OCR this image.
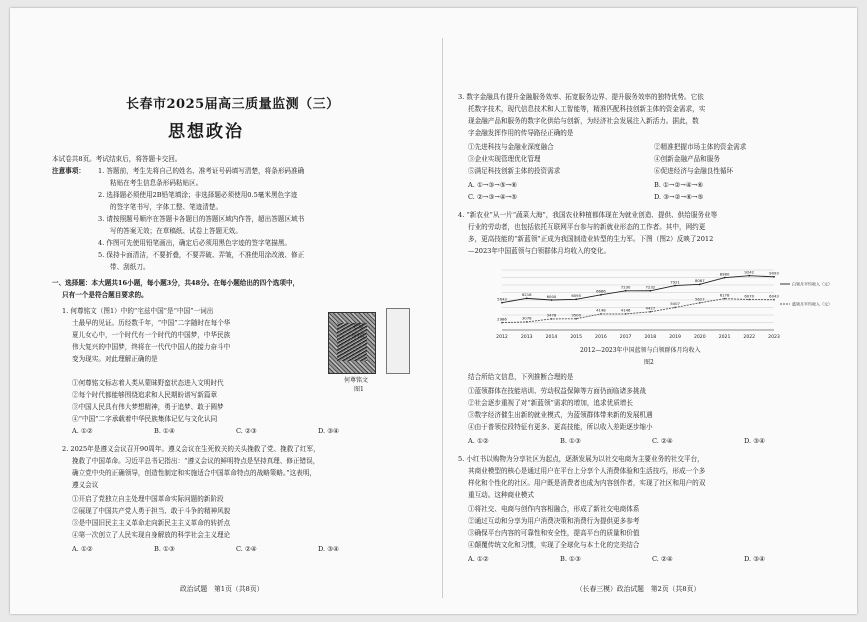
长春市2025届高三质量监测（三）
思想政治
本试卷共8页。考试结束后，将答题卡交回。
注意事项： 1. 答题前，考生先将自己的姓名、准考证号码填写清楚，将条形码准确
粘贴在考生信息条形码粘贴区。
2. 选择题必须使用2B铅笔填涂；非选择题必须使用0.5毫米黑色字迹
的签字笔书写，字体工整、笔迹清楚。
3. 请按照题号顺序在答题卡各题目的答题区域内作答，超出答题区域书
写的答案无效；在草稿纸、试卷上答题无效。
4. 作图可先使用铅笔画出，确定后必须用黑色字迹的签字笔描黑。
5. 保持卡面清洁，不要折叠，不要弄破、弄皱，不准使用涂改液、修正
带、刮纸刀。
一、选择题：本大题共16小题，每小题3分，共48分。在每小题给出的四个选项中，
只有一个是符合题目要求的。
1. 何尊铭文（图1）中的“宅兹中国”是“中国”一词出
土最早的见证。历经数千年，“中国”二字随时在每个华
夏儿女心中，一个时代有一个时代的中国梦，中华民族
伟大复兴的中国梦，终将在一代代中国人的接力奋斗中
变为现实。对此理解正确的是
宅兹
中国
何尊铭文
图1
①何尊铭文标志着人类从蒙昧野蛮状态进入文明时代
②每个时代都能够围绕追求和人民期盼谱写新篇章
③中国人民具有伟大梦想精神，勇于追梦、敢于圆梦
④“中国”二字承载着中华民族集体记忆与文化认同
A. ①②	B. ①④	C. ②③	D. ③④
2. 2025年是遵义会议召开90周年。遵义会议在生死攸关的关头挽救了党、挽救了红军，
挽救了中国革命。习近平总书记指出：“遵义会议的鲜明特点是坚持真理、修正错误，
确立党中央的正确领导，创造性制定和实施适合中国革命特点的战略策略。”这表明，
遵义会议
①开启了党独立自主处理中国革命实际问题的新阶段
②展现了中国共产党人勇于担当、敢于斗争的精神风貌
③是中国旧民主主义革命走向新民主主义革命的转折点
④第一次创立了人民实现自身解放的科学社会主义理论
A. ①②	B. ①③	C. ②④	D. ③④
政治试题　第1页（共8页）
3. 数字金融具有提升金融服务效率、拓宽服务边界、提升服务效率的独特优势。它依
托数字技术，现代信息技术和人工智能等，精准匹配科技创新主体的资金需求，实
现金融产品和服务的数字化供给与创新，为经济社会发展注入新活力。据此，数
字金融发挥作用的传导路径正确的是
①先进科技与金融业深度融合
③企业实现管理优化管理
⑤满足科技创新主体的投资需求
②精准把握市场主体的资金需求
④创新金融产品和服务
⑥促进经济与金融良性循环
A. ①→③→⑤→⑥	B. ①→②→④→⑥
C. ②→③→④→⑤	D. ③→②→⑥→⑤
4. “新农业”从一片“蔬菜大海”，我国农业种植都体现在为就业创造、提供、供给服务业等
行业的劳动者，也包括依托互联网平台参与的新就业形态的工作者。其中，网约更
多，更高技能的“新蓝领”正成为我国制造业转型的生力军。下图（图2）反映了2012
—2023年中国蓝领与白领群体月均收入的变化。
2012	2013	2014	2015	2016	2017	2018	2019	2020	2021	2022	2023
5643
6218	6000	6095
6686
7230	7232
7921	8087
8980	9242	9093
白领月平均收入（元）
2986	3078
3478	3500
4148	4146	4427
5007
5627
6178	6070	6043
蓝领月平均收入（元）
2012—2023年中国蓝领与白领群体月均收入
图2
结合所给文信息，下列推断合理的是
①蓝领群体在技能培训、劳动权益保障等方面仍面临诸多挑战
②社会逐步重视了对“新蓝领”需求的增加，追求优质增长
③数字经济催生出新的就业模式，为蓝领群体带来新的发展机遇
④由于普领位段特征有更多、更高技能，所以收入差距逐步缩小
A. ①②	B. ①③	C. ②④	D. ③④
5. 小红书以购物为分享社区为起点，逐渐发展为以社交电商为主要业务的社交平台，
其商业模型的核心是通过用户在平台上分享个人消费体验和生活技巧，形成一个多
样化和个性化的社区。用户既是消费者也成为内容创作者，实现了社区和用户的双
重互动。这种商业模式
①将社交、电商与创作内容相融合，形成了新社交电商体系
②通过互动和分享为用户消费决策和消费行为提供更多参考
③确保平台内容的可靠性和安全性，提高平台的质量和价值
④颠覆传统文化和习惯，实现了全球化与本土化的完美结合
A. ①②	B. ①③	C. ②④	D. ③④
（长春三模）政治试题　第2页（共8页）
